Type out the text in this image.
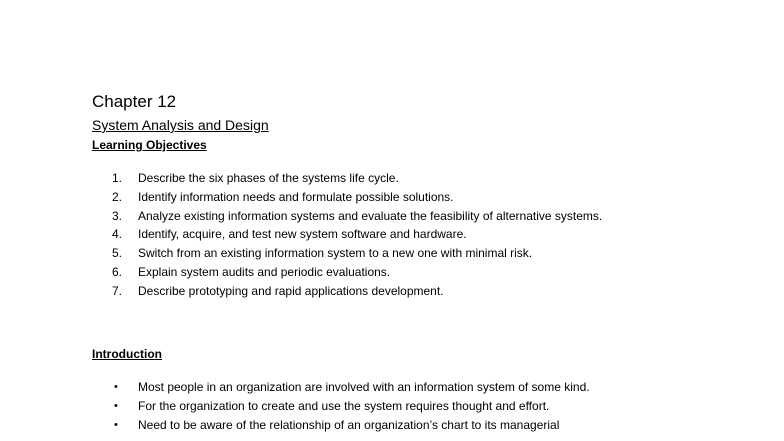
Chapter 12
System Analysis and Design
Learning Objectives
1.	Describe the six phases of the systems life cycle.
2.	Identify information needs and formulate possible solutions.
3.	Analyze existing information systems and evaluate the feasibility of alternative systems.
4.	Identify, acquire, and test new system software and hardware.
5.	Switch from an existing information system to a new one with minimal risk.
6.	Explain system audits and periodic evaluations.
7.	Describe prototyping and rapid applications development.
Introduction
•	Most people in an organization are involved with an information system of some kind.
•	For the organization to create and use the system requires thought and effort.
•	Need to be aware of the relationship of an organization’s chart to its managerial
